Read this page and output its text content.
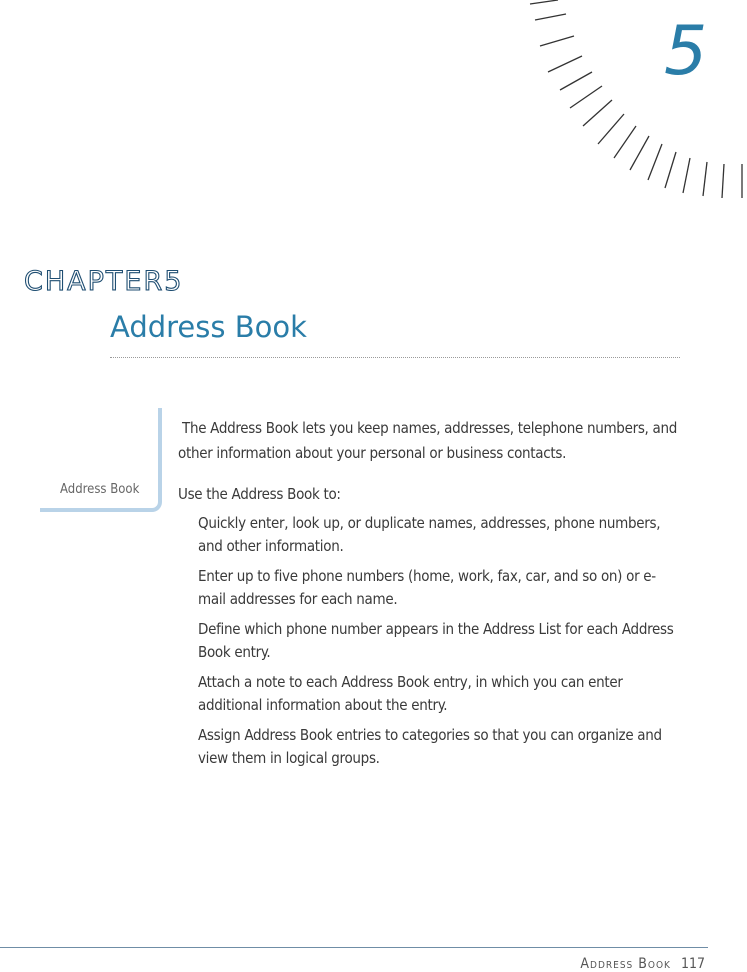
5
CHAPTER5
Address Book
Address Book

The Address Book lets you keep names, addresses, telephone numbers, and other information about your personal or business contacts.

Use the Address Book to:

Quickly enter, look up, or duplicate names, addresses, phone numbers, and other information.
Enter up to five phone numbers (home, work, fax, car, and so on) or e-mail addresses for each name.
Define which phone number appears in the Address List for each Address Book entry.
Attach a note to each Address Book entry, in which you can enter additional information about the entry.
Assign Address Book entries to categories so that you can organize and view them in logical groups.
Address Book 117
